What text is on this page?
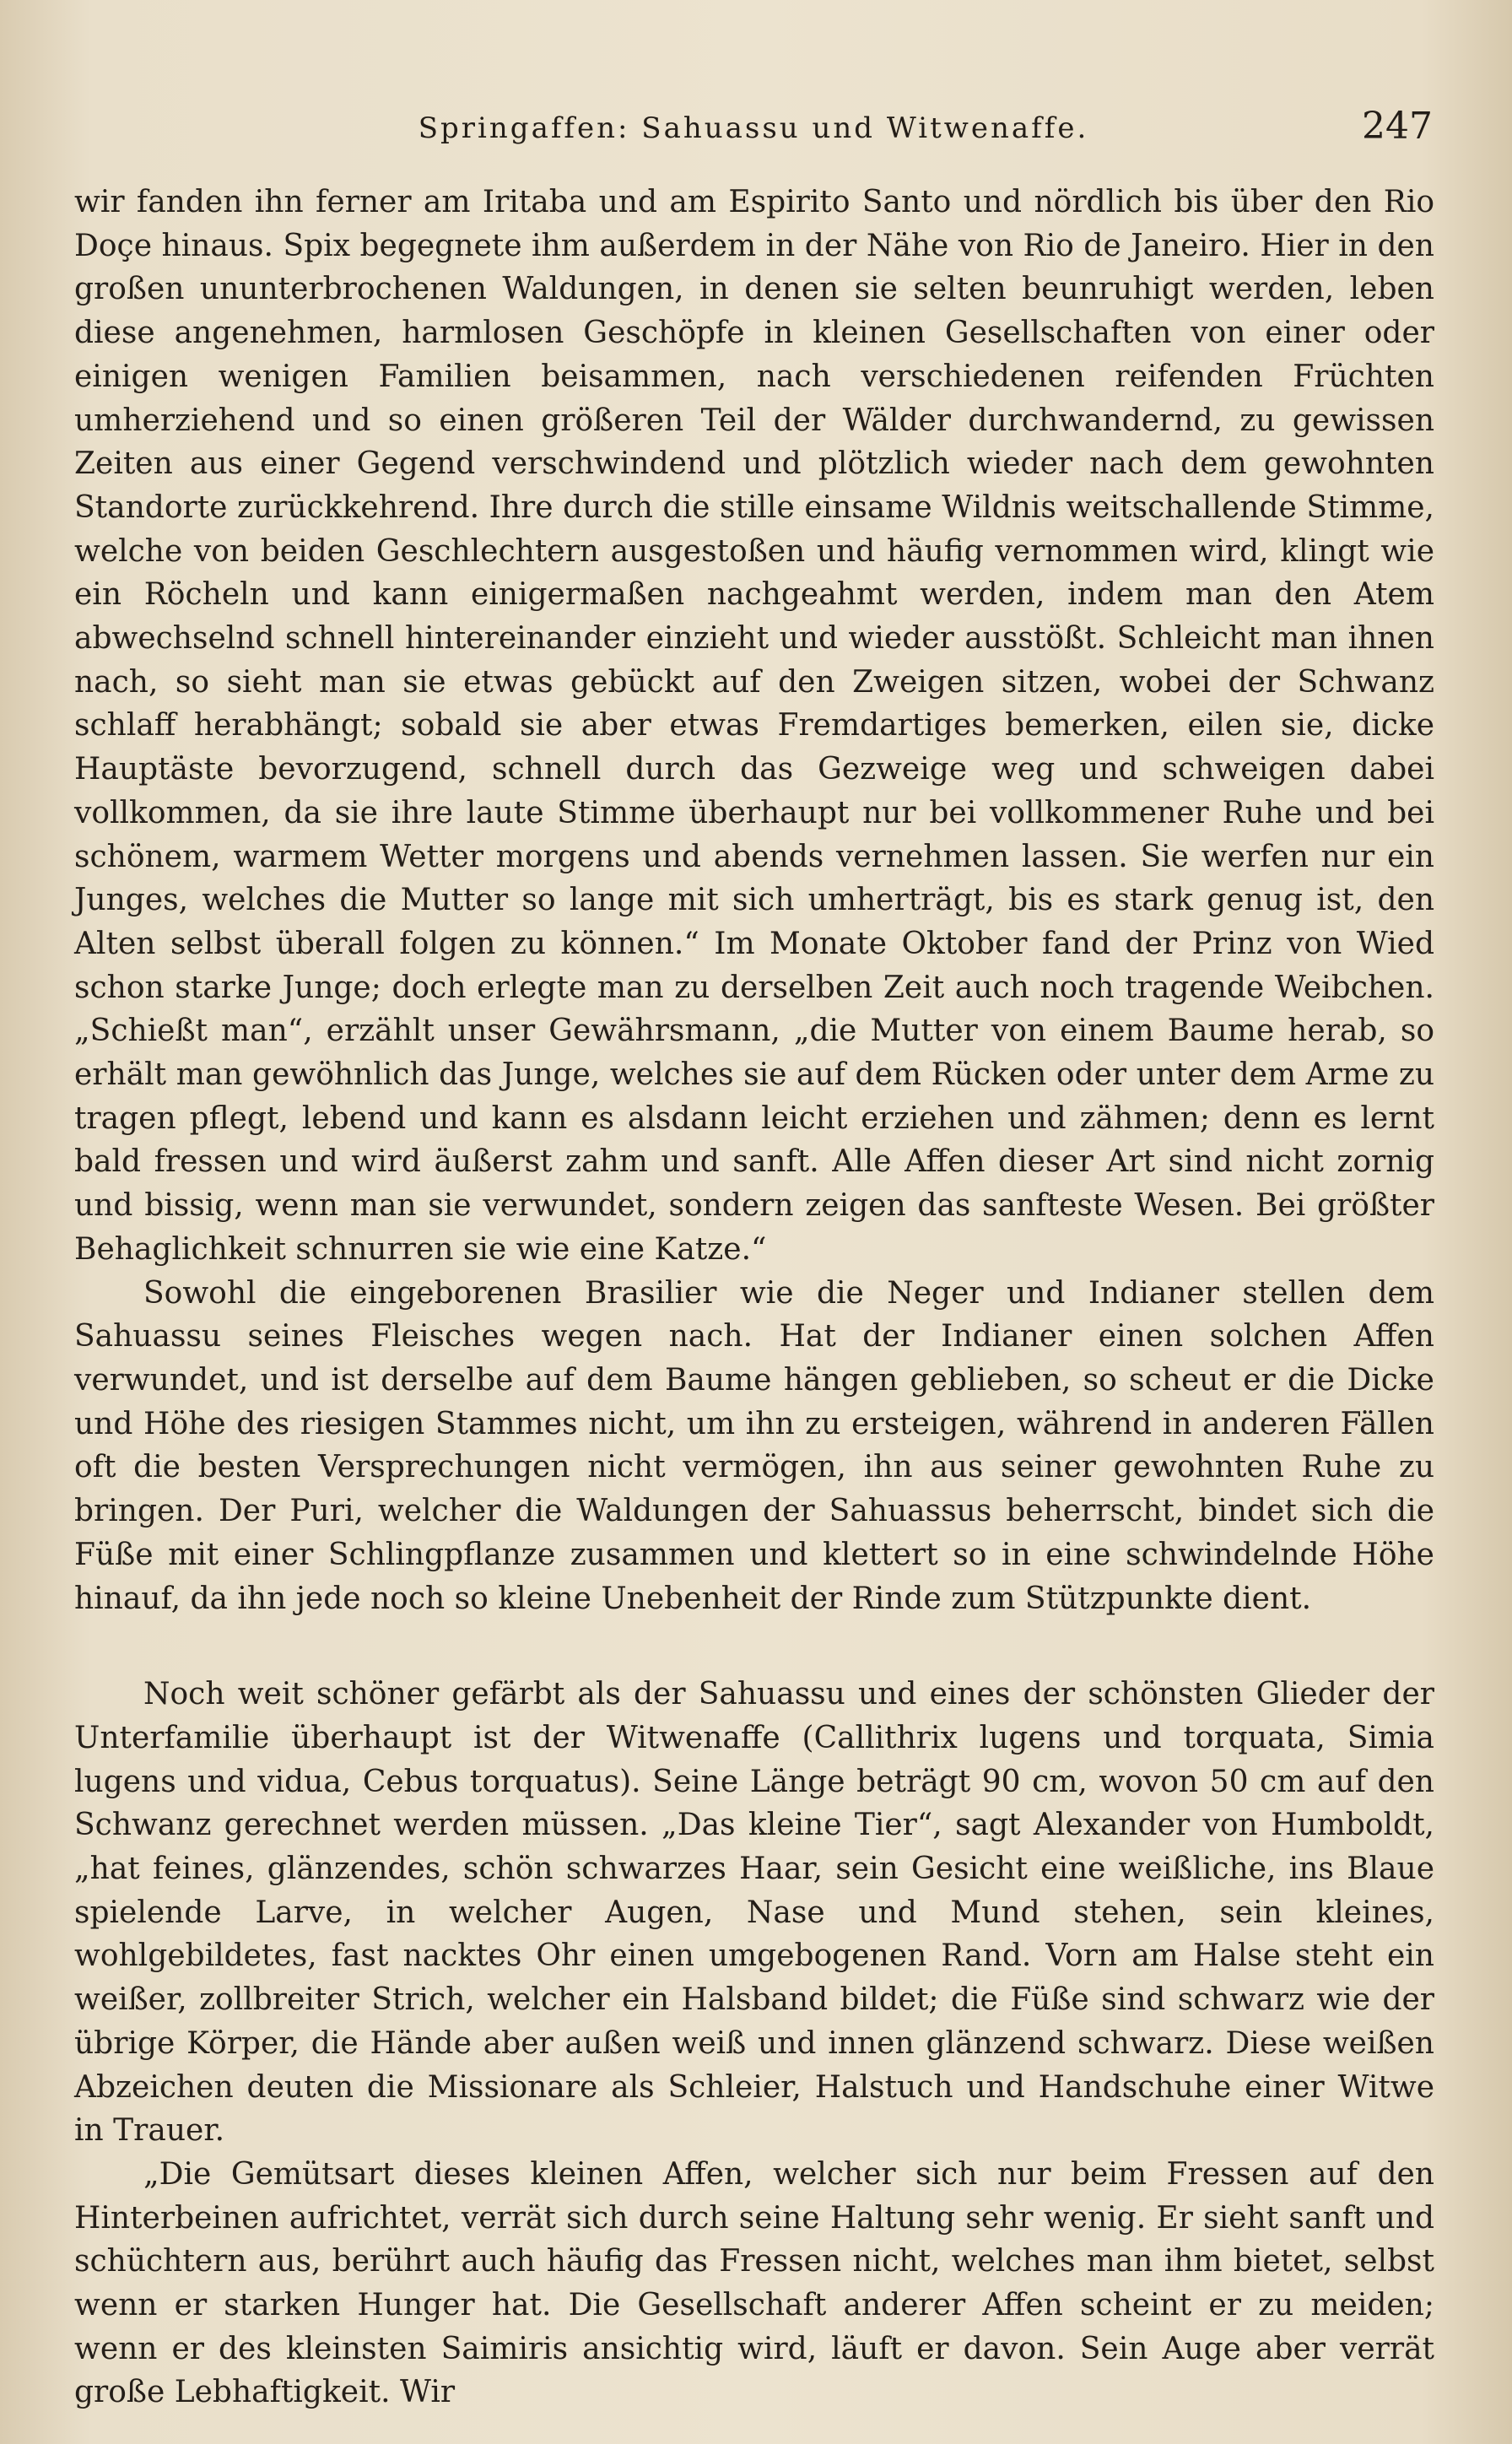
Springaffen: Sahuassu und Witwenaffe.	247

wir fanden ihn ferner am Iritaba und am Espirito Santo und nördlich bis über den Rio Doçe hinaus. Spix begegnete ihm außerdem in der Nähe von Rio de Janeiro. Hier in den großen ununterbrochenen Waldungen, in denen sie selten beunruhigt werden, leben diese angenehmen, harmlosen Geschöpfe in kleinen Gesellschaften von einer oder einigen wenigen Familien beisammen, nach verschiedenen reifenden Früchten umherziehend und so einen größeren Teil der Wälder durchwandernd, zu gewissen Zeiten aus einer Gegend verschwindend und plötzlich wieder nach dem gewohnten Standorte zurückkehrend. Ihre durch die stille einsame Wildnis weitschallende Stimme, welche von beiden Geschlechtern ausgestoßen und häufig vernommen wird, klingt wie ein Röcheln und kann einigermaßen nachgeahmt werden, indem man den Atem abwechselnd schnell hintereinander einzieht und wieder ausstößt. Schleicht man ihnen nach, so sieht man sie etwas gebückt auf den Zweigen sitzen, wobei der Schwanz schlaff herabhängt; sobald sie aber etwas Fremdartiges bemerken, eilen sie, dicke Hauptäste bevorzugend, schnell durch das Gezweige weg und schweigen dabei vollkommen, da sie ihre laute Stimme überhaupt nur bei vollkommener Ruhe und bei schönem, warmem Wetter morgens und abends vernehmen lassen. Sie werfen nur ein Junges, welches die Mutter so lange mit sich umherträgt, bis es stark genug ist, den Alten selbst überall folgen zu können.“ Im Monate Oktober fand der Prinz von Wied schon starke Junge; doch erlegte man zu derselben Zeit auch noch tragende Weibchen. „Schießt man“, erzählt unser Gewährsmann, „die Mutter von einem Baume herab, so erhält man gewöhnlich das Junge, welches sie auf dem Rücken oder unter dem Arme zu tragen pflegt, lebend und kann es alsdann leicht erziehen und zähmen; denn es lernt bald fressen und wird äußerst zahm und sanft. Alle Affen dieser Art sind nicht zornig und bissig, wenn man sie verwundet, sondern zeigen das sanfteste Wesen. Bei größter Behaglichkeit schnurren sie wie eine Katze.“

Sowohl die eingeborenen Brasilier wie die Neger und Indianer stellen dem Sahuassu seines Fleisches wegen nach. Hat der Indianer einen solchen Affen verwundet, und ist derselbe auf dem Baume hängen geblieben, so scheut er die Dicke und Höhe des riesigen Stammes nicht, um ihn zu ersteigen, während in anderen Fällen oft die besten Versprechungen nicht vermögen, ihn aus seiner gewohnten Ruhe zu bringen. Der Puri, welcher die Waldungen der Sahuassus beherrscht, bindet sich die Füße mit einer Schlingpflanze zusammen und klettert so in eine schwindelnde Höhe hinauf, da ihn jede noch so kleine Unebenheit der Rinde zum Stützpunkte dient.

Noch weit schöner gefärbt als der Sahuassu und eines der schönsten Glieder der Unterfamilie überhaupt ist der Witwenaffe (Callithrix lugens und torquata, Simia lugens und vidua, Cebus torquatus). Seine Länge beträgt 90 cm, wovon 50 cm auf den Schwanz gerechnet werden müssen. „Das kleine Tier“, sagt Alexander von Humboldt, „hat feines, glänzendes, schön schwarzes Haar, sein Gesicht eine weißliche, ins Blaue spielende Larve, in welcher Augen, Nase und Mund stehen, sein kleines, wohlgebildetes, fast nacktes Ohr einen umgebogenen Rand. Vorn am Halse steht ein weißer, zollbreiter Strich, welcher ein Halsband bildet; die Füße sind schwarz wie der übrige Körper, die Hände aber außen weiß und innen glänzend schwarz. Diese weißen Abzeichen deuten die Missionare als Schleier, Halstuch und Handschuhe einer Witwe in Trauer.

„Die Gemütsart dieses kleinen Affen, welcher sich nur beim Fressen auf den Hinterbeinen aufrichtet, verrät sich durch seine Haltung sehr wenig. Er sieht sanft und schüchtern aus, berührt auch häufig das Fressen nicht, welches man ihm bietet, selbst wenn er starken Hunger hat. Die Gesellschaft anderer Affen scheint er zu meiden; wenn er des kleinsten Saimiris ansichtig wird, läuft er davon. Sein Auge aber verrät große Lebhaftigkeit. Wir
